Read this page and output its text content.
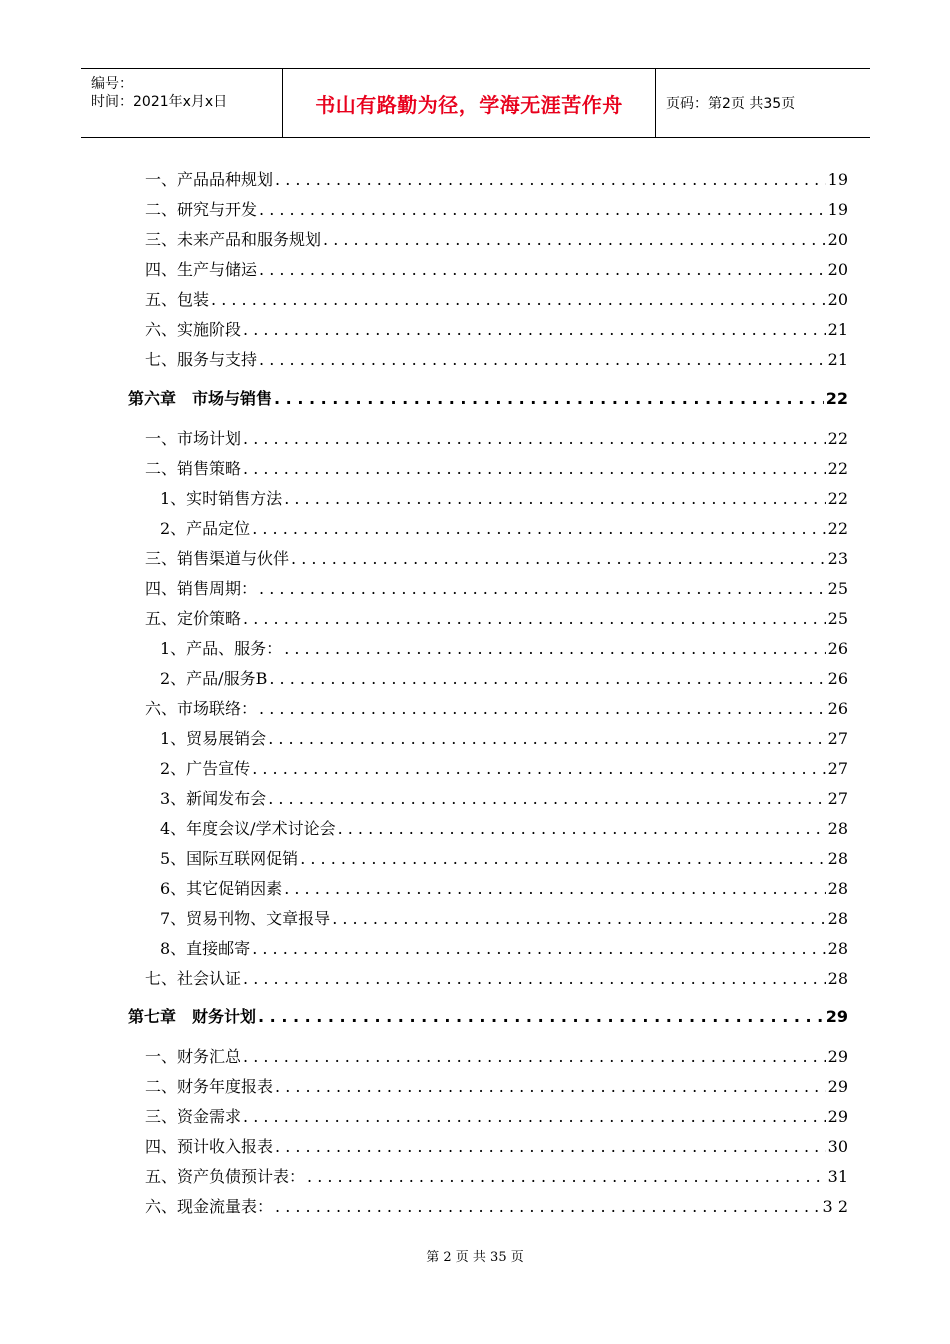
编号：
时间：2021年x月x日	书山有路勤为径，学海无涯苦作舟	页码：第2页 共35页
一、产品品种规划 . . .	19
二、研究与开发 . . .	19
三、未来产品和服务规划 . . .	20
四、生产与储运 . . .	20
五、包装 . . .	20
六、实施阶段 . . .	21
七、服务与支持 . . .	21
第六章　市场与销售 . . .	22
一、市场计划 . . .	22
二、销售策略 . . .	22
1、实时销售方法 . . .	22
2、产品定位 . . .	22
三、销售渠道与伙伴 . . .	23
四、销售周期： . . .	25
五、定价策略 . . .	25
1、产品、服务： . . .	26
2、产品/服务B . . .	26
六、市场联络： . . .	26
1、贸易展销会 . . .	27
2、广告宣传 . . .	27
3、新闻发布会 . . .	27
4、年度会议/学术讨论会 . . .	28
5、国际互联网促销 . . .	28
6、其它促销因素 . . .	28
7、贸易刊物、文章报导 . . .	28
8、直接邮寄 . . .	28
七、社会认证 . . .	28
第七章　财务计划 . . .	29
一、财务汇总 . . .	29
二、财务年度报表 . . .	29
三、资金需求 . . .	29
四、预计收入报表 . . .	30
五、资产负债预计表： . . .	31
六、现金流量表： . . .	3 2
第 2 页 共 35 页
